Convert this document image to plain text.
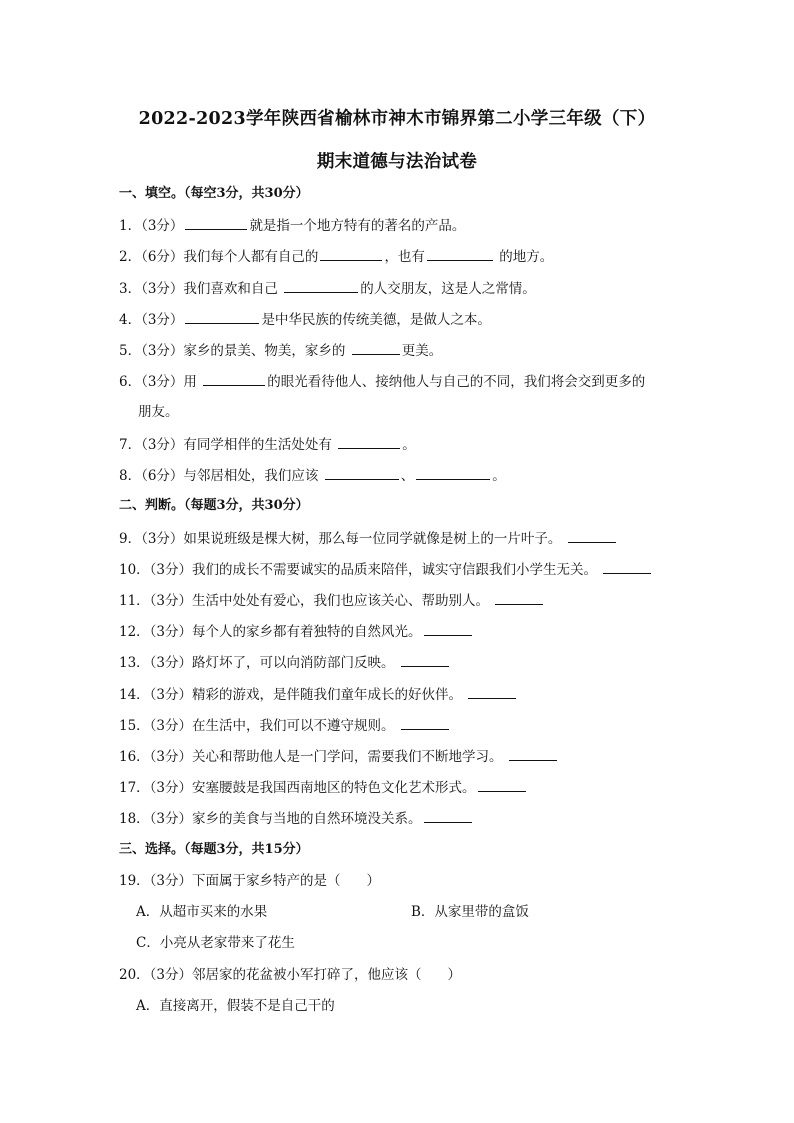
2022-2023学年陕西省榆林市神木市锦界第二小学三年级（下）
期末道德与法治试卷
一、填空。（每空3分，共30分）
1．（3分）	就是指一个地方特有的著名的产品。
2．（6分）我们每个人都有自己的	，也有	的地方。
3．（3分）我们喜欢和自己	的人交朋友，这是人之常情。
4．（3分）	是中华民族的传统美德，是做人之本。
5．（3分）家乡的景美、物美，家乡的	更美。
6．（3分）用	的眼光看待他人、接纳他人与自己的不同，我们将会交到更多的
朋友。
7．（3分）有同学相伴的生活处处有	。
8．（6分）与邻居相处，我们应该	、	。
二、判断。（每题3分，共30分）
9．（3分）如果说班级是棵大树，那么每一位同学就像是树上的一片叶子。
10．（3分）我们的成长不需要诚实的品质来陪伴，诚实守信跟我们小学生无关。
11．（3分）生活中处处有爱心，我们也应该关心、帮助别人。
12．（3分）每个人的家乡都有着独特的自然风光。
13．（3分）路灯坏了，可以向消防部门反映。
14．（3分）精彩的游戏，是伴随我们童年成长的好伙伴。
15．（3分）在生活中，我们可以不遵守规则。
16．（3分）关心和帮助他人是一门学问，需要我们不断地学习。
17．（3分）安塞腰鼓是我国西南地区的特色文化艺术形式。
18．（3分）家乡的美食与当地的自然环境没关系。
三、选择。（每题3分，共15分）
19．（3分）下面属于家乡特产的是（ ）
A．从超市买来的水果	B．从家里带的盒饭
C．小亮从老家带来了花生
20．（3分）邻居家的花盆被小军打碎了，他应该（ ）
A．直接离开，假装不是自己干的
